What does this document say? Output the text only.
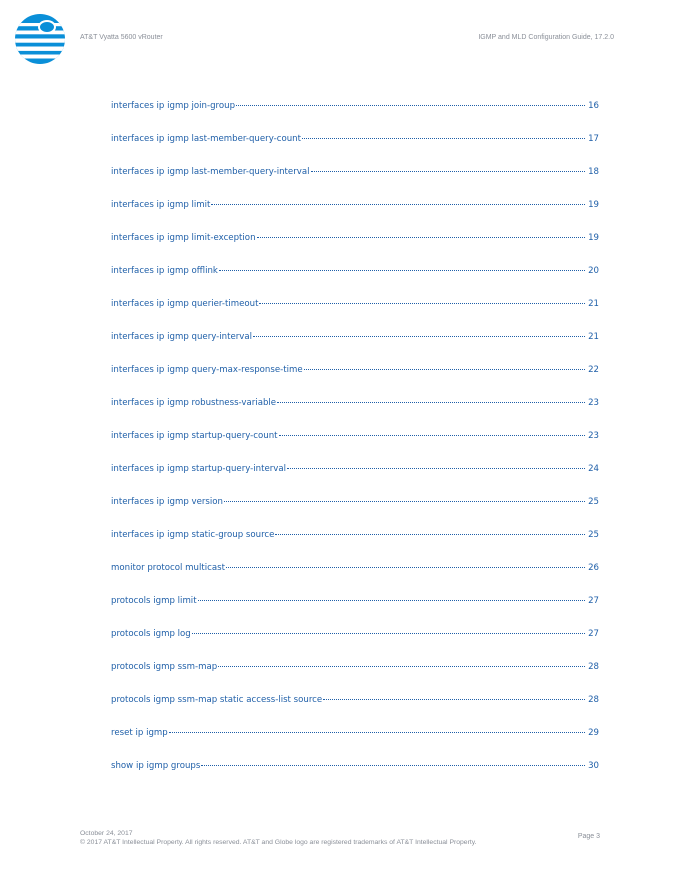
AT&T Vyatta 5600 vRouter	IGMP and MLD Configuration Guide, 17.2.0
interfaces ip igmp join-group	16
interfaces ip igmp last-member-query-count	17
interfaces ip igmp last-member-query-interval	18
interfaces ip igmp limit	19
interfaces ip igmp limit-exception	19
interfaces ip igmp offlink	20
interfaces ip igmp querier-timeout	21
interfaces ip igmp query-interval	21
interfaces ip igmp query-max-response-time	22
interfaces ip igmp robustness-variable	23
interfaces ip igmp startup-query-count	23
interfaces ip igmp startup-query-interval	24
interfaces ip igmp version	25
interfaces ip igmp static-group source	25
monitor protocol multicast	26
protocols igmp limit	27
protocols igmp log	27
protocols igmp ssm-map	28
protocols igmp ssm-map static access-list source	28
reset ip igmp	29
show ip igmp groups	30
October 24, 2017
© 2017 AT&T Intellectual Property. All rights reserved. AT&T and Globe logo are registered trademarks of AT&T Intellectual Property.
Page 3
